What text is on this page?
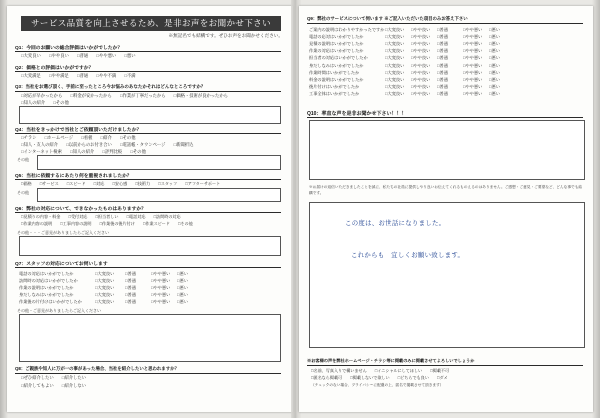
サービス品質を向上させるため、是非お声をお聞かせ下さい
※無記名でも結構です。ぜひお声をお聞かせください。
Q1：今回のお願いの総合評価はいかがでしたか？
□大変良い □やや良い □普通 □やや悪い □悪い
Q2：価格との評価はいかがですか？
□大変満足 □やや満足 □普通 □やや不満 □不満
Q3：当社をお選び頂く、手前に至ったところ今お悩みのあなたかそれはどんなところですか？
□対応が早かったから □料金が安かったから □作業が丁寧だったから □価格・技術が良かったから
□知人の紹介 □その他
Q4：当社をきっかけで当社とご依頼頂いただけましたか？
□チラシ □ホームページ □看板 □紹介 □その他
□知人・友人の紹介 □以前からのお付き合い □電話帳・タウンページ □新聞折込
□インターネット検索 □知人の紹介 □評判比較 □その他
その他
Q5：当社に依頼するにあたり何を重視されましたか？
□価格 □サービス □スピード □対応 □安心感 □技術力 □スタッフ □アフターサポート
その他
Q6：弊社の対応について、できなかったものはありますか？
□見積りの内容・料金 □受付対応 □担当者しい □電話対応 □訪問時の対応
□作業内容の説明 □工事内容の説明 □作業後の後片付け □作業スピード □その他
その他・・・ご意見がありましたらご記入ください
Q7：スタッフの対応についてお伺いします
電話の対応はいかがでしたか	□大変良い	□普通	□やや悪い	□悪い
訪問時の対応はいかがでしたか	□大変良い	□普通	□やや悪い	□悪い
作業の説明はいかがでしたか	□大変良い	□普通	□やや悪い	□悪い
身だしなみはいかがでしたか	□大変良い	□普通	□やや悪い	□悪い
作業後の片付けはいかがでしたか	□大変良い	□普通	□やや悪い	□悪い
その他・ご意見がありましたらご記入ください
Q8：ご親族や知人に万が一の事があった場合、当社を紹介したいと思われますか？
□ぜひ紹介したい □紹介したい
□紹介してもよい □紹介しない
Q9：弊社のサービスについて伺います ※ご記入いただいた項目のみお答え下さい
ご案内の説明はわかりやすかったですか □大変良い	□やや良い	□普通	□やや悪い	□悪い
電話の応対はいかがでしたか	□大変良い	□やや良い	□普通	□やや悪い	□悪い
見積の説明はいかがでしたか	□大変良い	□やや良い	□普通	□やや悪い	□悪い
作業の対応はいかがでしたか	□大変良い	□やや良い	□普通	□やや悪い	□悪い
担当者の対応はいかがでしたか	□大変良い	□やや良い	□普通	□やや悪い	□悪い
身だしなみはいかがでしたか	□大変良い	□やや良い	□普通	□やや悪い	□悪い
作業時間はいかがでしたか	□大変良い	□やや良い	□普通	□やや悪い	□悪い
料金の説明はいかがでしたか	□大変良い	□やや良い	□普通	□やや悪い	□悪い
後片付けはいかがでしたか	□大変良い	□やや良い	□普通	□やや悪い	□悪い
工事全体はいかがでしたか	□大変良い	□やや良い	□普通	□やや悪い	□悪い
Q10：率直な声を是非お聞かせ下さい！！！
※お届けの返信いただきましたことを誠に、私たちの社員に提供しやり良いお伝えてくれるものえるのはありません。ご感想・ご意見・ご要望など、どんな事でも結構です。
この度は、お世話になりました。
これからも　宜しくお願い致します。
※お客様の声を弊社ホームページ・チラシ等に掲載のみに掲載させてよろしいでしょうか
□名前、写真入りで構いません □イニシャルにしてほしい □掲載不可
□匿名なら掲載可 □掲載しないで欲しい □どちらでも良い □ダメ
（チェックのない場合、プライバシーに配慮の上、匿名で掲載させて頂きます）
